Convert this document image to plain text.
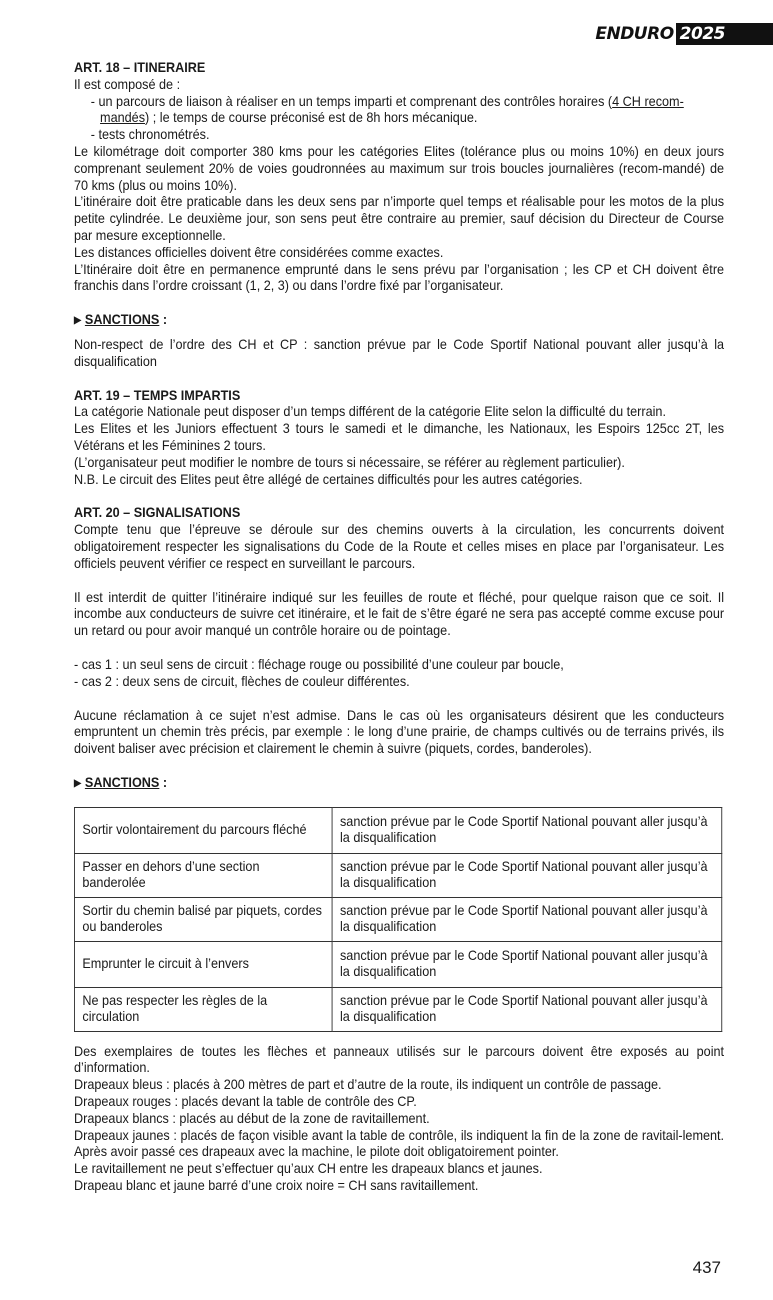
ENDURO 2025

ART. 18 – ITINERAIRE

Il est composé de :

- un parcours de liaison à réaliser en un temps imparti et comprenant des contrôles horaires (4 CH recom-
mandés) ; le temps de course préconisé est de 8h hors mécanique.

- tests chronométrés.

Le kilométrage doit comporter 380 kms pour les catégories Elites (tolérance plus ou moins 10%) en deux jours comprenant seulement 20% de voies goudronnées au maximum sur trois boucles journalières (recom-mandé) de 70 kms (plus ou moins 10%).

L’itinéraire doit être praticable dans les deux sens par n’importe quel temps et réalisable pour les motos de la plus petite cylindrée. Le deuxième jour, son sens peut être contraire au premier, sauf décision du Directeur de Course par mesure exceptionnelle.

Les distances officielles doivent être considérées comme exactes.

L’Itinéraire doit être en permanence emprunté dans le sens prévu par l’organisation ; les CP et CH doivent être franchis dans l’ordre croissant (1, 2, 3) ou dans l’ordre fixé par l’organisateur.

▶ SANCTIONS :

Non-respect de l’ordre des CH et CP : sanction prévue par le Code Sportif National pouvant aller jusqu’à la disqualification

ART. 19 – TEMPS IMPARTIS

La catégorie Nationale peut disposer d’un temps différent de la catégorie Elite selon la difficulté du terrain.

Les Elites et les Juniors effectuent 3 tours le samedi et le dimanche, les Nationaux, les Espoirs 125cc 2T, les Vétérans et les Féminines 2 tours.

(L’organisateur peut modifier le nombre de tours si nécessaire, se référer au règlement particulier).

N.B. Le circuit des Elites peut être allégé de certaines difficultés pour les autres catégories.

ART. 20 – SIGNALISATIONS

Compte tenu que l’épreuve se déroule sur des chemins ouverts à la circulation, les concurrents doivent obligatoirement respecter les signalisations du Code de la Route et celles mises en place par l’organisateur. Les officiels peuvent vérifier ce respect en surveillant le parcours.

Il est interdit de quitter l’itinéraire indiqué sur les feuilles de route et fléché, pour quelque raison que ce soit. Il incombe aux conducteurs de suivre cet itinéraire, et le fait de s’être égaré ne sera pas accepté comme excuse pour un retard ou pour avoir manqué un contrôle horaire ou de pointage.

- cas 1 : un seul sens de circuit : fléchage rouge ou possibilité d’une couleur par boucle,

- cas 2 : deux sens de circuit, flèches de couleur différentes.

Aucune réclamation à ce sujet n’est admise. Dans le cas où les organisateurs désirent que les conducteurs empruntent un chemin très précis, par exemple : le long d’une prairie, de champs cultivés ou de terrains privés, ils doivent baliser avec précision et clairement le chemin à suivre (piquets, cordes, banderoles).

▶ SANCTIONS :

Sortir volontairement du parcours fléché	sanction prévue par le Code Sportif National pouvant aller jusqu’à la disqualification
Passer en dehors d’une section banderolée	sanction prévue par le Code Sportif National pouvant aller jusqu’à la disqualification
Sortir du chemin balisé par piquets, cordes ou banderoles	sanction prévue par le Code Sportif National pouvant aller jusqu’à la disqualification
Emprunter le circuit à l’envers	sanction prévue par le Code Sportif National pouvant aller jusqu’à la disqualification
Ne pas respecter les règles de la circulation	sanction prévue par le Code Sportif National pouvant aller jusqu’à la disqualification

Des exemplaires de toutes les flèches et panneaux utilisés sur le parcours doivent être exposés au point d’information.

Drapeaux bleus : placés à 200 mètres de part et d’autre de la route, ils indiquent un contrôle de passage.

Drapeaux rouges : placés devant la table de contrôle des CP.

Drapeaux blancs : placés au début de la zone de ravitaillement.

Drapeaux jaunes : placés de façon visible avant la table de contrôle, ils indiquent la fin de la zone de ravitail-lement. Après avoir passé ces drapeaux avec la machine, le pilote doit obligatoirement pointer.

Le ravitaillement ne peut s’effectuer qu’aux CH entre les drapeaux blancs et jaunes.

Drapeau blanc et jaune barré d’une croix noire = CH sans ravitaillement.

437
